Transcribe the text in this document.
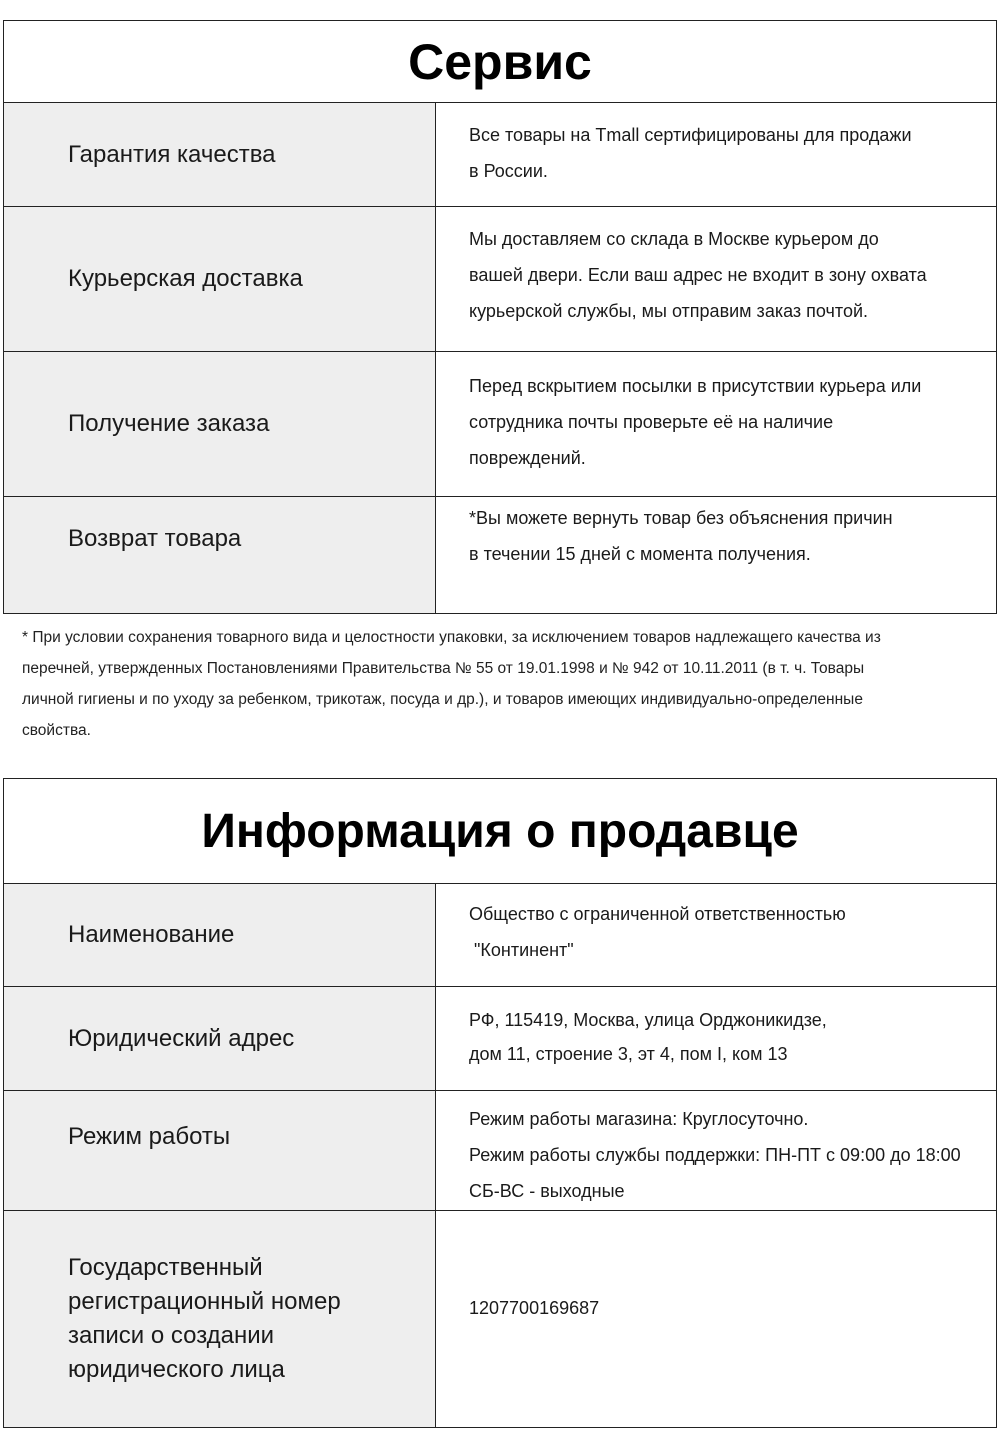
Сервис
Гарантия качества
Все товары на Tmall сертифицированы для продажи
в России.
Курьерская доставка
Мы доставляем со склада в Москве курьером до
вашей двери. Если ваш адрес не входит в зону охвата
курьерской службы, мы отправим заказ почтой.
Получение заказа
Перед вскрытием посылки в присутствии курьера или
сотрудника почты проверьте её на наличие
повреждений.
Возврат товара
*Вы можете вернуть товар без объяснения причин
в течении 15 дней с момента получения.
* При условии сохранения товарного вида и целостности упаковки, за исключением товаров надлежащего качества из
перечней, утвержденных Постановлениями Правительства № 55 от 19.01.1998 и № 942 от 10.11.2011 (в т. ч. Товары
личной гигиены и по уходу за ребенком, трикотаж, посуда и др.), и товаров имеющих индивидуально-определенные
свойства.
Информация о продавце
Наименование
Общество с ограниченной ответственностью
"Континент"
Юридический адрес
РФ, 115419, Москва, улица Орджоникидзе,
дом 11, строение 3, эт 4, пом I, ком 13
Режим работы
Режим работы магазина: Круглосуточно.
Режим работы службы поддержки: ПН-ПТ с 09:00 до 18:00
СБ-ВС - выходные
Государственный
регистрационный номер
записи о создании
юридического лица
1207700169687
